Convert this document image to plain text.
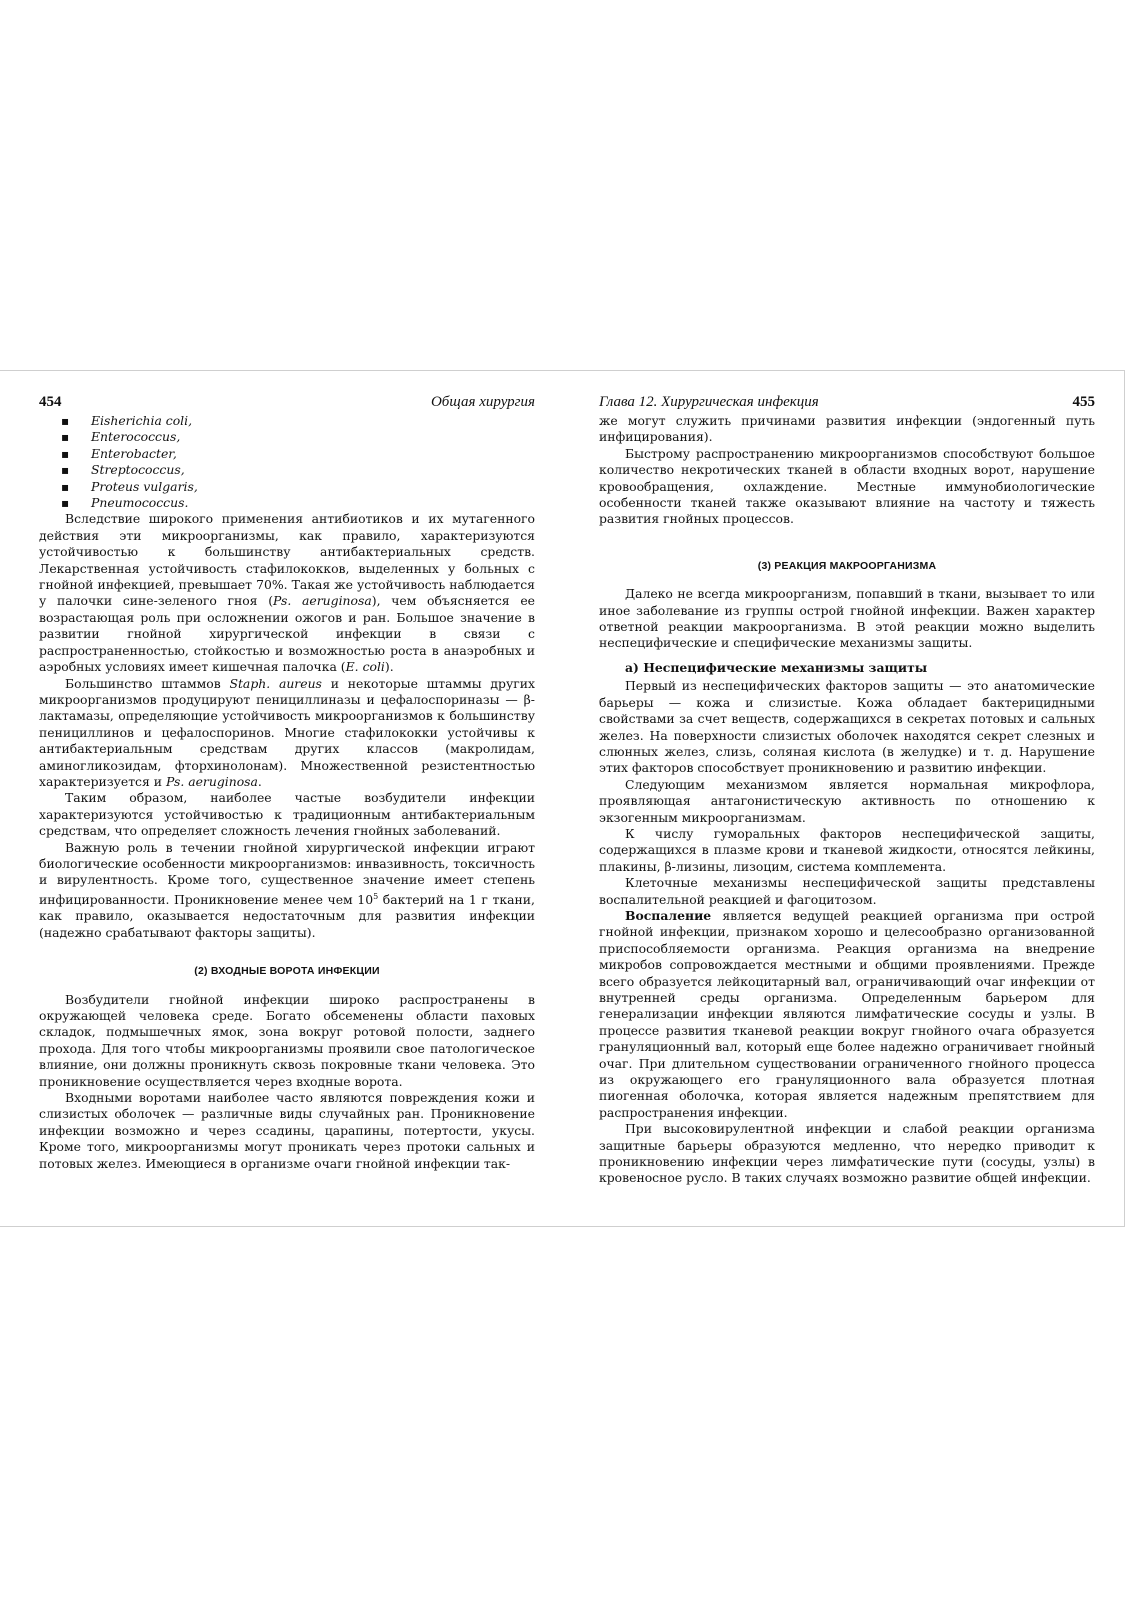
454	Общая хирургия
▪ Eisherichia coli,
▪ Enterococcus,
▪ Enterobacter,
▪ Streptococcus,
▪ Proteus vulgaris,
▪ Pneumococcus.

Вследствие широкого применения антибиотиков и их мутагенного действия эти микроорганизмы, как правило, характеризуются устойчивостью к большинству антибактериальных средств. Лекарственная устойчивость стафилококков, выделенных у больных с гнойной инфекцией, превышает 70%. Такая же устойчивость наблюдается у палочки сине-зеленого гноя (Ps. aeruginosa), чем объясняется ее возрастающая роль при осложнении ожогов и ран. Большое значение в развитии гнойной хирургической инфекции в связи с распространенностью, стойкостью и возможностью роста в анаэробных и аэробных условиях имеет кишечная палочка (E. coli).

Большинство штаммов Staph. aureus и некоторые штаммы других микроорганизмов продуцируют пенициллиназы и цефалоспориназы — β-лактамазы, определяющие устойчивость микроорганизмов к большинству пенициллинов и цефалоспоринов. Многие стафилококки устойчивы к антибактериальным средствам других классов (макролидам, аминогликозидам, фторхинолонам). Множественной резистентностью характеризуется и Ps. aeruginosa.

Таким образом, наиболее частые возбудители инфекции характеризуются устойчивостью к традиционным антибактериальным средствам, что определяет сложность лечения гнойных заболеваний.

Важную роль в течении гнойной хирургической инфекции играют биологические особенности микроорганизмов: инвазивность, токсичность и вирулентность. Кроме того, существенное значение имеет степень инфицированности. Проникновение менее чем $10^5$ бактерий на 1 г ткани, как правило, оказывается недостаточным для развития инфекции (надежно срабатывают факторы защиты).

(2) ВХОДНЫЕ ВОРОТА ИНФЕКЦИИ

Возбудители гнойной инфекции широко распространены в окружающей человека среде. Богато обсеменены области паховых складок, подмышечных ямок, зона вокруг ротовой полости, заднего прохода. Для того чтобы микроорганизмы проявили свое патологическое влияние, они должны проникнуть сквозь покровные ткани человека. Это проникновение осуществляется через входные ворота.

Входными воротами наиболее часто являются повреждения кожи и слизистых оболочек — различные виды случайных ран. Проникновение инфекции возможно и через ссадины, царапины, потертости, укусы. Кроме того, микроорганизмы могут проникать через протоки сальных и потовых желез. Имеющиеся в организме очаги гнойной инфекции так-

Глава 12. Хирургическая инфекция	455

же могут служить причинами развития инфекции (эндогенный путь инфицирования).

Быстрому распространению микроорганизмов способствуют большое количество некротических тканей в области входных ворот, нарушение кровообращения, охлаждение. Местные иммунобиологические особенности тканей также оказывают влияние на частоту и тяжесть развития гнойных процессов.

(3) РЕАКЦИЯ МАКРООРГАНИЗМА

Далеко не всегда микроорганизм, попавший в ткани, вызывает то или иное заболевание из группы острой гнойной инфекции. Важен характер ответной реакции макроорганизма. В этой реакции можно выделить неспецифические и специфические механизмы защиты.

а) Неспецифические механизмы защиты

Первый из неспецифических факторов защиты — это анатомические барьеры — кожа и слизистые. Кожа обладает бактерицидными свойствами за счет веществ, содержащихся в секретах потовых и сальных желез. На поверхности слизистых оболочек находятся секрет слезных и слюнных желез, слизь, соляная кислота (в желудке) и т. д. Нарушение этих факторов способствует проникновению и развитию инфекции.

Следующим механизмом является нормальная микрофлора, проявляющая антагонистическую активность по отношению к экзогенным микроорганизмам.

К числу гуморальных факторов неспецифической защиты, содержащихся в плазме крови и тканевой жидкости, относятся лейкины, плакины, β-лизины, лизоцим, система комплемента.

Клеточные механизмы неспецифической защиты представлены воспалительной реакцией и фагоцитозом.

Воспаление является ведущей реакцией организма при острой гнойной инфекции, признаком хорошо и целесообразно организованной приспособляемости организма. Реакция организма на внедрение микробов сопровождается местными и общими проявлениями. Прежде всего образуется лейкоцитарный вал, ограничивающий очаг инфекции от внутренней среды организма. Определенным барьером для генерализации инфекции являются лимфатические сосуды и узлы. В процессе развития тканевой реакции вокруг гнойного очага образуется грануляционный вал, который еще более надежно ограничивает гнойный очаг. При длительном существовании ограниченного гнойного процесса из окружающего его грануляционного вала образуется плотная пиогенная оболочка, которая является надежным препятствием для распространения инфекции.

При высоковирулентной инфекции и слабой реакции организма защитные барьеры образуются медленно, что нередко приводит к проникновению инфекции через лимфатические пути (сосуды, узлы) в кровеносное русло. В таких случаях возможно развитие общей инфекции.
